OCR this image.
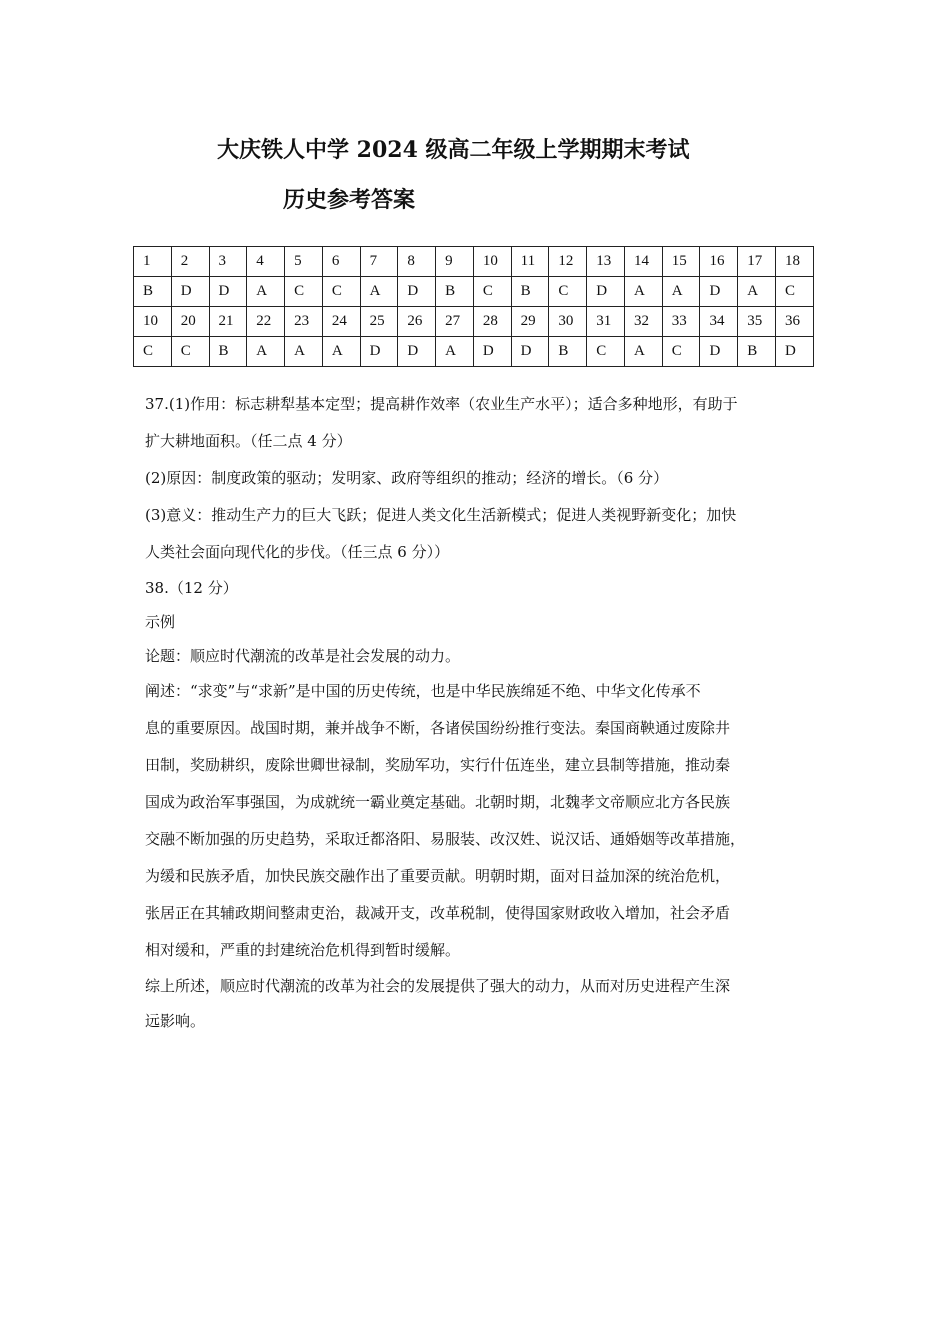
大庆铁人中学 2024 级高二年级上学期期末考试
历史参考答案
1	2	3	4	5	6	7	8	9	10	11	12	13	14	15	16	17	18
B	D	D	A	C	C	A	D	B	C	B	C	D	A	A	D	A	C
10	20	21	22	23	24	25	26	27	28	29	30	31	32	33	34	35	36
C	C	B	A	A	A	D	D	A	D	D	B	C	A	C	D	B	D

37.(1)作用：标志耕犁基本定型；提高耕作效率（农业生产水平）；适合多种地形，有助于

扩大耕地面积。（任二点 4 分）

(2)原因：制度政策的驱动；发明家、政府等组织的推动；经济的增长。（6 分）

(3)意义：推动生产力的巨大飞跃；促进人类文化生活新模式；促进人类视野新变化；加快

人类社会面向现代化的步伐。（任三点 6 分））

38.（12 分）

示例

论题：顺应时代潮流的改革是社会发展的动力。

阐述：“求变”与“求新”是中国的历史传统，也是中华民族绵延不绝、中华文化传承不

息的重要原因。战国时期，兼并战争不断，各诸侯国纷纷推行变法。秦国商鞅通过废除井

田制，奖励耕织，废除世卿世禄制，奖励军功，实行什伍连坐，建立县制等措施，推动秦

国成为政治军事强国，为成就统一霸业奠定基础。北朝时期，北魏孝文帝顺应北方各民族

交融不断加强的历史趋势，采取迁都洛阳、易服装、改汉姓、说汉话、通婚姻等改革措施，

为缓和民族矛盾，加快民族交融作出了重要贡献。明朝时期，面对日益加深的统治危机，

张居正在其辅政期间整肃吏治，裁减开支，改革税制，使得国家财政收入增加，社会矛盾

相对缓和，严重的封建统治危机得到暂时缓解。

综上所述，顺应时代潮流的改革为社会的发展提供了强大的动力，从而对历史进程产生深

远影响。
